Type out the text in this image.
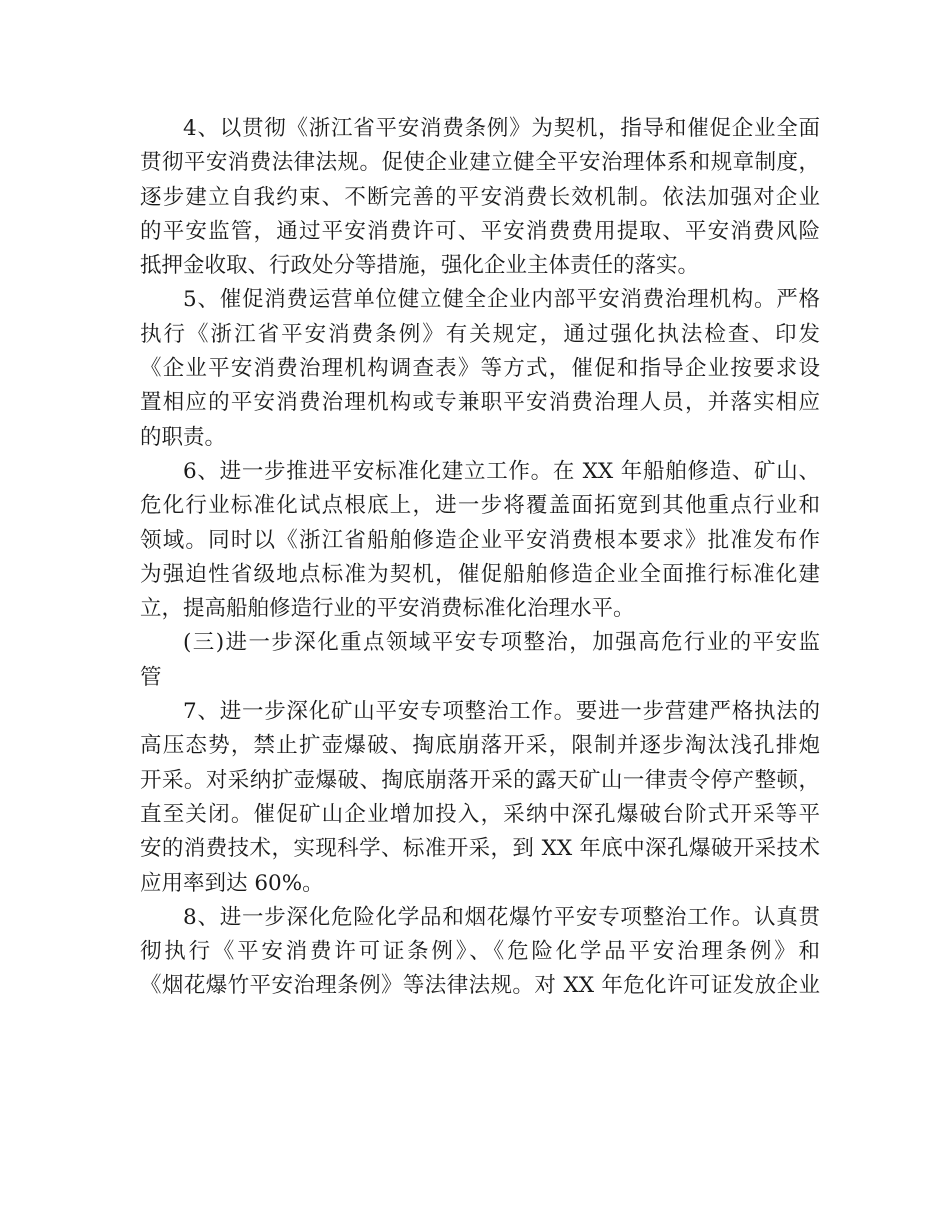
4、以贯彻《浙江省平安消费条例》为契机，指导和催促企业全面
贯彻平安消费法律法规。促使企业建立健全平安治理体系和规章制度，
逐步建立自我约束、不断完善的平安消费长效机制。依法加强对企业
的平安监管，通过平安消费许可、平安消费费用提取、平安消费风险
抵押金收取、行政处分等措施，强化企业主体责任的落实。
5、催促消费运营单位健立健全企业内部平安消费治理机构。严格
执行《浙江省平安消费条例》有关规定，通过强化执法检查、印发
《企业平安消费治理机构调查表》等方式，催促和指导企业按要求设
置相应的平安消费治理机构或专兼职平安消费治理人员，并落实相应
的职责。
6、进一步推进平安标准化建立工作。在 XX 年船舶修造、矿山、
危化行业标准化试点根底上，进一步将覆盖面拓宽到其他重点行业和
领域。同时以《浙江省船舶修造企业平安消费根本要求》批准发布作
为强迫性省级地点标准为契机，催促船舶修造企业全面推行标准化建
立，提高船舶修造行业的平安消费标准化治理水平。
(三)进一步深化重点领域平安专项整治，加强高危行业的平安监
管
7、进一步深化矿山平安专项整治工作。要进一步营建严格执法的
高压态势，禁止扩壶爆破、掏底崩落开采，限制并逐步淘汰浅孔排炮
开采。对采纳扩壶爆破、掏底崩落开采的露天矿山一律责令停产整顿，
直至关闭。催促矿山企业增加投入，采纳中深孔爆破台阶式开采等平
安的消费技术，实现科学、标准开采，到 XX 年底中深孔爆破开采技术
应用率到达 60%。
8、进一步深化危险化学品和烟花爆竹平安专项整治工作。认真贯
彻执行《平安消费许可证条例》、《危险化学品平安治理条例》和
《烟花爆竹平安治理条例》等法律法规。对 XX 年危化许可证发放企业
